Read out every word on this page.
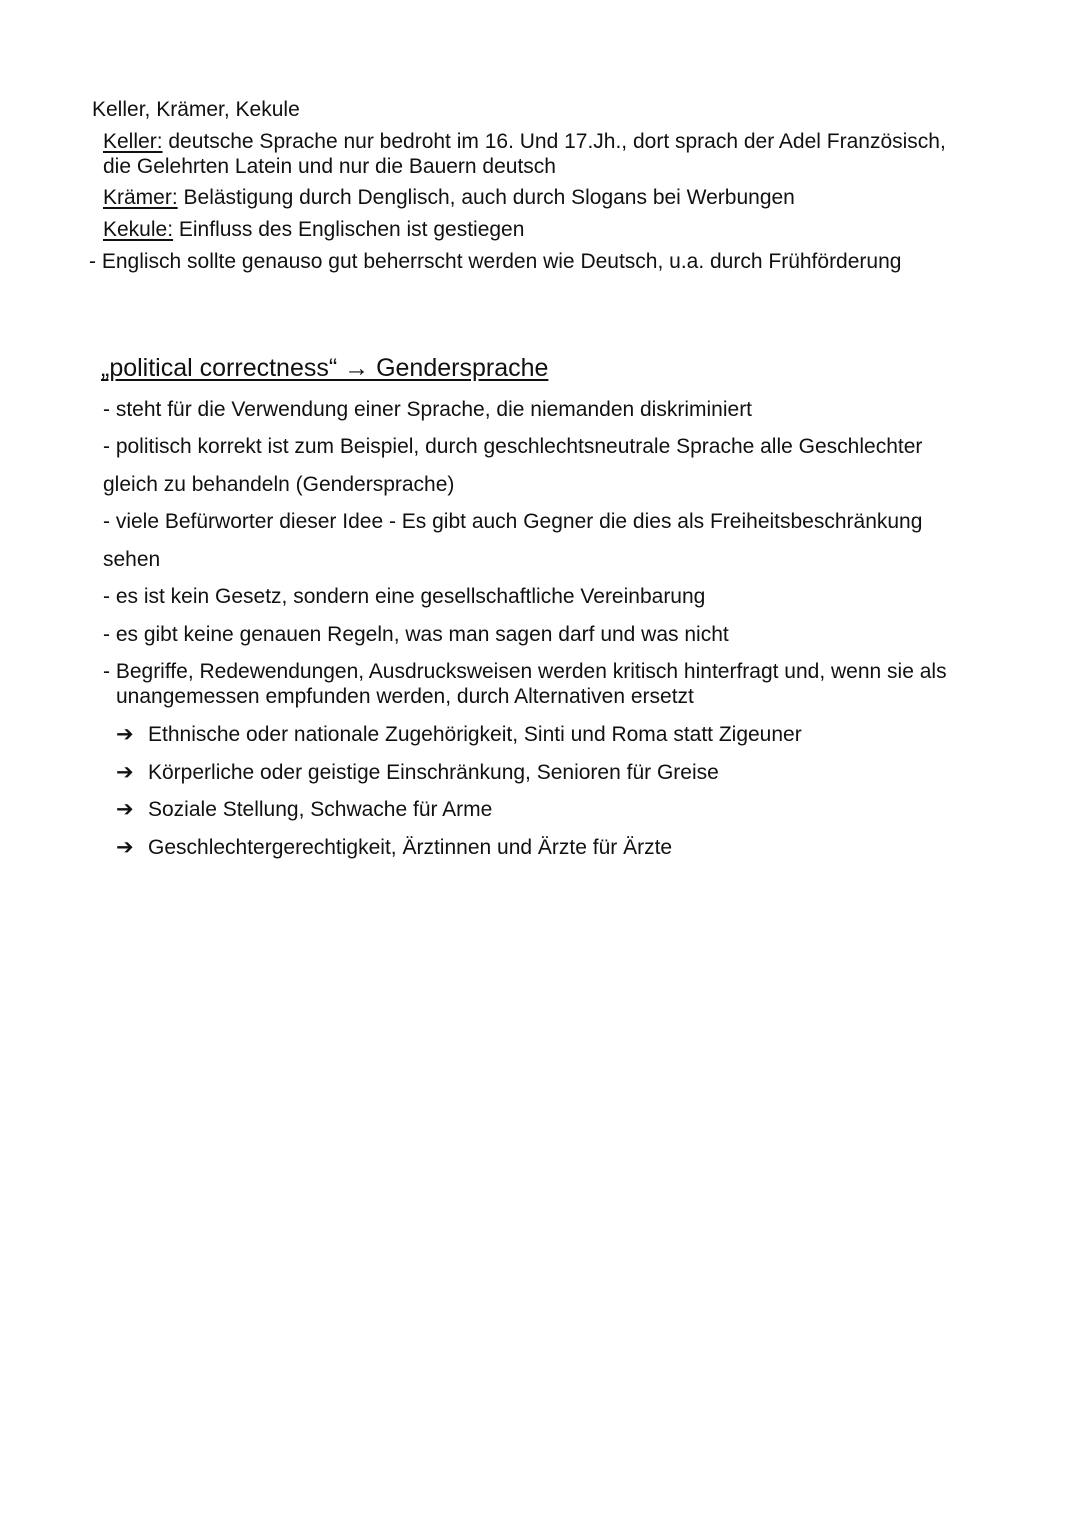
Keller, Krämer, Kekule
Keller: deutsche Sprache nur bedroht im 16. Und 17.Jh., dort sprach der Adel Französisch,
die Gelehrten Latein und nur die Bauern deutsch
Krämer: Belästigung durch Denglisch, auch durch Slogans bei Werbungen
Kekule: Einfluss des Englischen ist gestiegen
- Englisch sollte genauso gut beherrscht werden wie Deutsch, u.a. durch Frühförderung
„political correctness“ → Gendersprache
- steht für die Verwendung einer Sprache, die niemanden diskriminiert
- politisch korrekt ist zum Beispiel, durch geschlechtsneutrale Sprache alle Geschlechter
gleich zu behandeln (Gendersprache)
- viele Befürworter dieser Idee - Es gibt auch Gegner die dies als Freiheitsbeschränkung
sehen
- es ist kein Gesetz, sondern eine gesellschaftliche Vereinbarung
- es gibt keine genauen Regeln, was man sagen darf und was nicht
- Begriffe, Redewendungen, Ausdrucksweisen werden kritisch hinterfragt und, wenn sie als
unangemessen empfunden werden, durch Alternativen ersetzt
➔ Ethnische oder nationale Zugehörigkeit, Sinti und Roma statt Zigeuner
➔ Körperliche oder geistige Einschränkung, Senioren für Greise
➔ Soziale Stellung, Schwache für Arme
➔ Geschlechtergerechtigkeit, Ärztinnen und Ärzte für Ärzte
